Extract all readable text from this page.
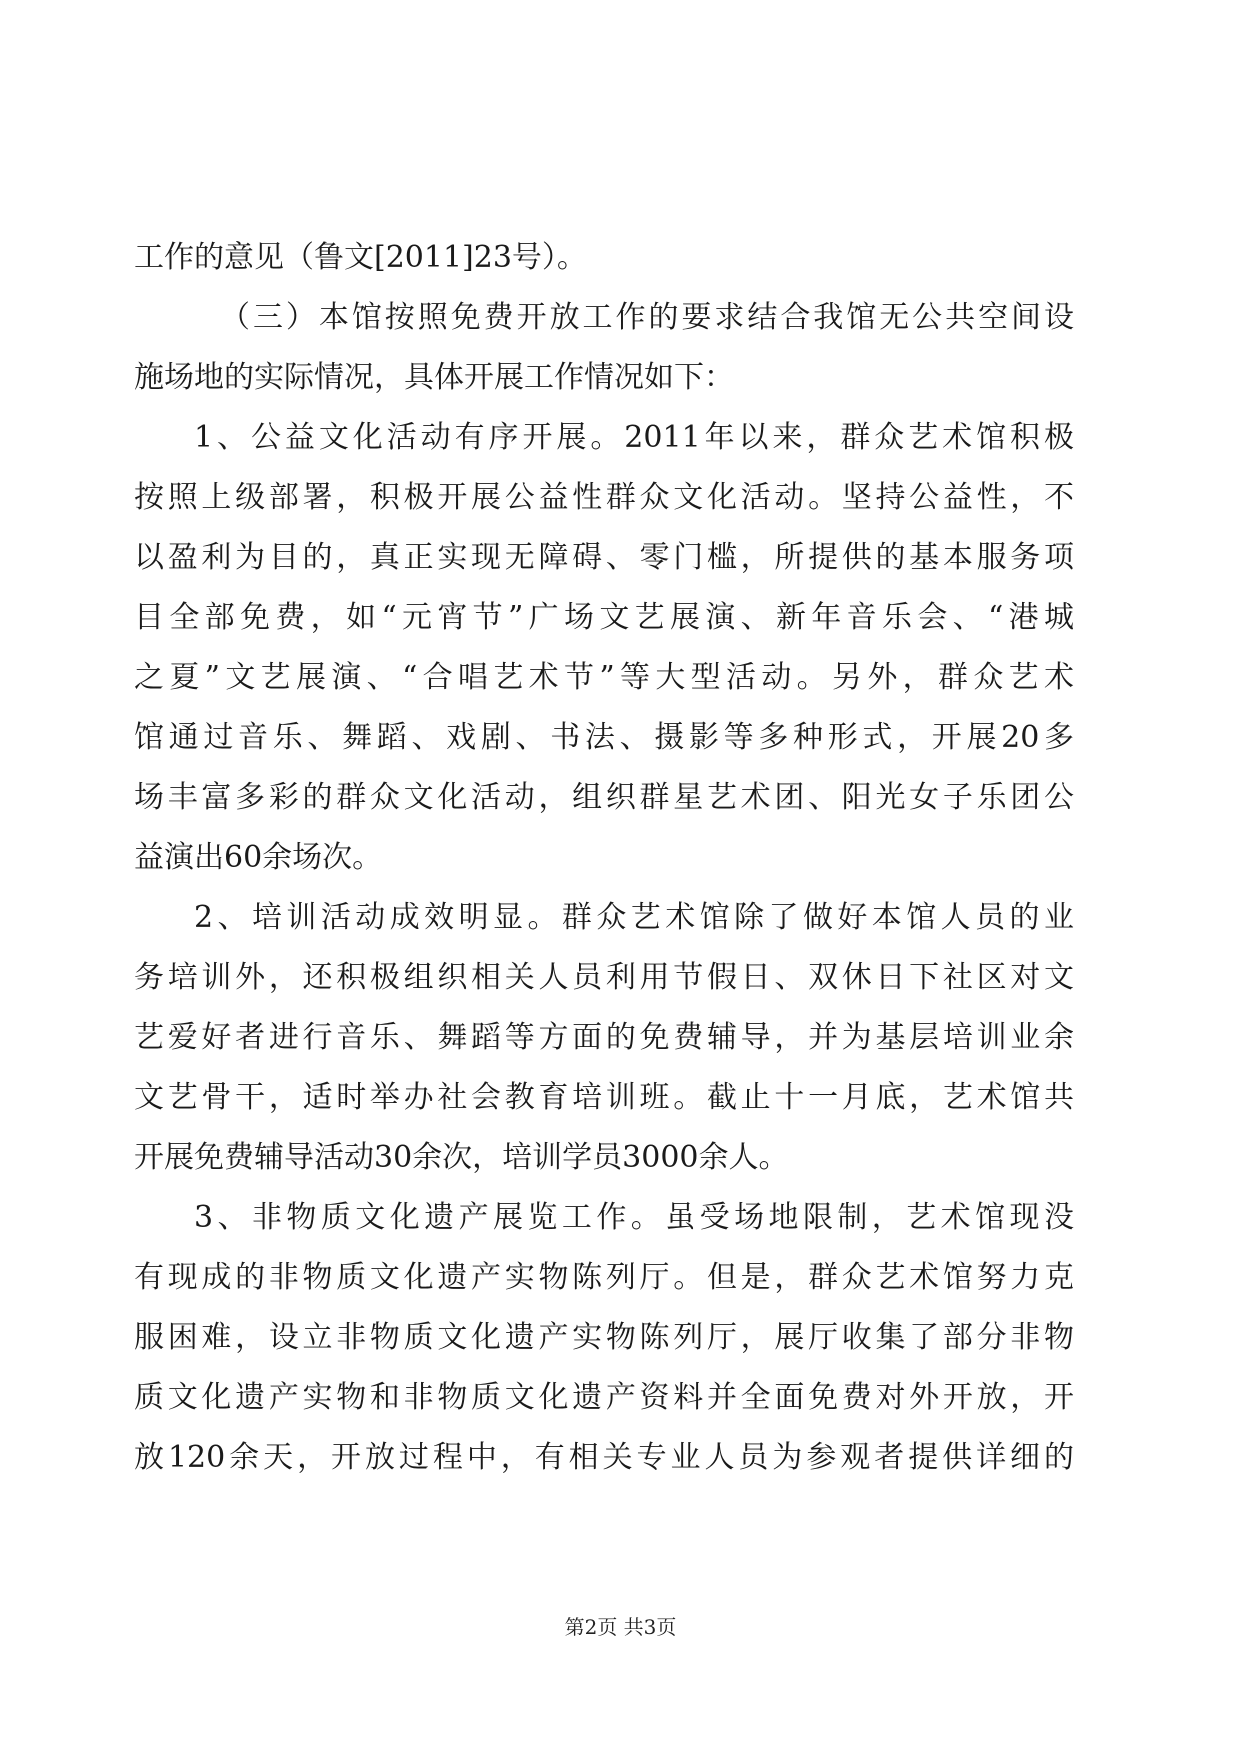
工作的意见（鲁文[2011]23号）。
（三）本馆按照免费开放工作的要求结合我馆无公共空间设
施场地的实际情况，具体开展工作情况如下：
1、公益文化活动有序开展。2011年以来，群众艺术馆积极
按照上级部署，积极开展公益性群众文化活动。坚持公益性，不
以盈利为目的，真正实现无障碍、零门槛，所提供的基本服务项
目全部免费，如“元宵节”广场文艺展演、新年音乐会、“港城
之夏”文艺展演、“合唱艺术节”等大型活动。另外，群众艺术
馆通过音乐、舞蹈、戏剧、书法、摄影等多种形式，开展20多
场丰富多彩的群众文化活动，组织群星艺术团、阳光女子乐团公
益演出60余场次。
2、培训活动成效明显。群众艺术馆除了做好本馆人员的业
务培训外，还积极组织相关人员利用节假日、双休日下社区对文
艺爱好者进行音乐、舞蹈等方面的免费辅导，并为基层培训业余
文艺骨干，适时举办社会教育培训班。截止十一月底，艺术馆共
开展免费辅导活动30余次，培训学员3000余人。
3、非物质文化遗产展览工作。虽受场地限制，艺术馆现没
有现成的非物质文化遗产实物陈列厅。但是，群众艺术馆努力克
服困难，设立非物质文化遗产实物陈列厅，展厅收集了部分非物
质文化遗产实物和非物质文化遗产资料并全面免费对外开放，开
放120余天，开放过程中，有相关专业人员为参观者提供详细的
第2页 共3页
